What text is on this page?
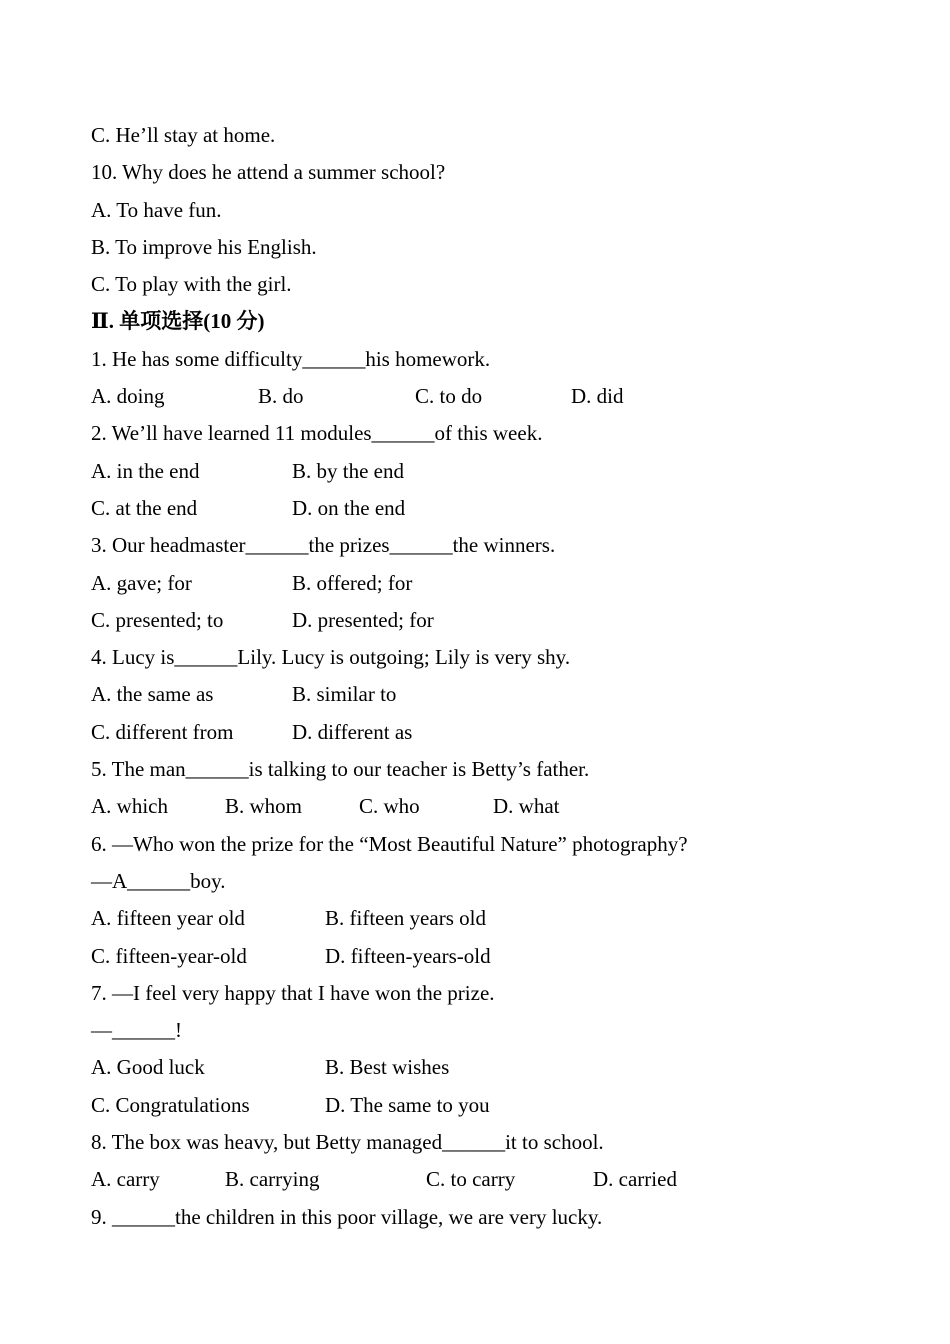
C. He’ll stay at home.
10. Why does he attend a summer school?
A. To have fun.
B. To improve his English.
C. To play with the girl.
Ⅱ. 单项选择(10 分)
1. He has some difficulty______his homework.
A. doing	B. do	C. to do	D. did
2. We’ll have learned 11 modules______of this week.
A. in the end	B. by the end
C. at the end	D. on the end
3. Our headmaster______the prizes______the winners.
A. gave; for	B. offered; for
C. presented; to	D. presented; for
4. Lucy is______Lily. Lucy is outgoing; Lily is very shy.
A. the same as	B. similar to
C. different from	D. different as
5. The man______is talking to our teacher is Betty’s father.
A. which	B. whom	C. who	D. what
6. —Who won the prize for the “Most Beautiful Nature” photography?
—A______boy.
A. fifteen year old	B. fifteen years old
C. fifteen-year-old	D. fifteen-years-old
7. —I feel very happy that I have won the prize.
—______!
A. Good luck	B. Best wishes
C. Congratulations	D. The same to you
8. The box was heavy, but Betty managed______it to school.
A. carry	B. carrying	C. to carry	D. carried
9. ______the children in this poor village, we are very lucky.
